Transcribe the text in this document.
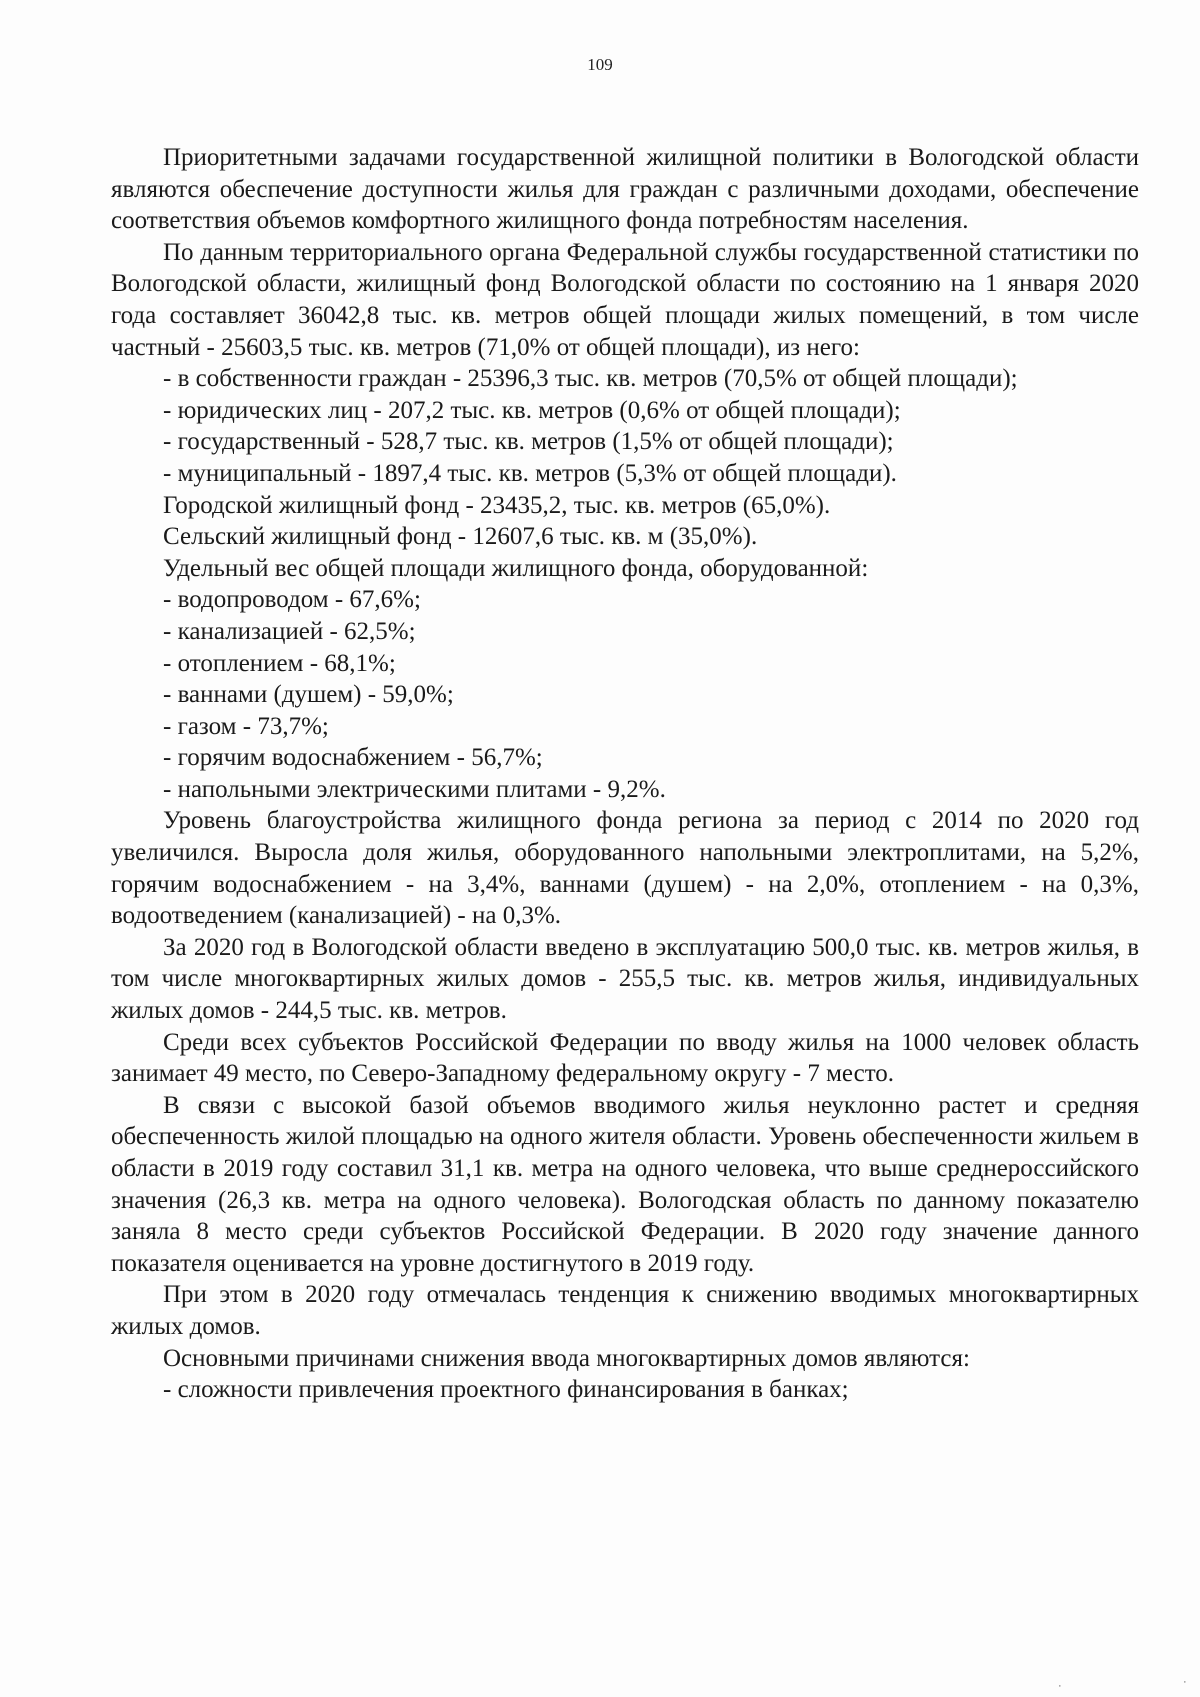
109

Приоритетными задачами государственной жилищной политики в Вологодской области являются обеспечение доступности жилья для граждан с различными доходами, обеспечение соответствия объемов комфортного жилищного фонда потребностям населения.

По данным территориального органа Федеральной службы государственной статистики по Вологодской области, жилищный фонд Вологодской области по состоянию на 1 января 2020 года составляет 36042,8 тыс. кв. метров общей площади жилых помещений, в том числе частный - 25603,5 тыс. кв. метров (71,0% от общей площади), из него:

- в собственности граждан - 25396,3 тыс. кв. метров (70,5% от общей площади);
- юридических лиц - 207,2 тыс. кв. метров (0,6% от общей площади);
- государственный - 528,7 тыс. кв. метров (1,5% от общей площади);
- муниципальный - 1897,4 тыс. кв. метров (5,3% от общей площади).
Городской жилищный фонд - 23435,2, тыс. кв. метров (65,0%).
Сельский жилищный фонд - 12607,6 тыс. кв. м (35,0%).
Удельный вес общей площади жилищного фонда, оборудованной:
- водопроводом - 67,6%;
- канализацией - 62,5%;
- отоплением - 68,1%;
- ваннами (душем) - 59,0%;
- газом - 73,7%;
- горячим водоснабжением - 56,7%;
- напольными электрическими плитами - 9,2%.

Уровень благоустройства жилищного фонда региона за период с 2014 по 2020 год увеличился. Выросла доля жилья, оборудованного напольными электроплитами, на 5,2%, горячим водоснабжением - на 3,4%, ваннами (душем) - на 2,0%, отоплением - на 0,3%, водоотведением (канализацией) - на 0,3%.

За 2020 год в Вологодской области введено в эксплуатацию 500,0 тыс. кв. метров жилья, в том числе многоквартирных жилых домов - 255,5 тыс. кв. метров жилья, индивидуальных жилых домов - 244,5 тыс. кв. метров.

Среди всех субъектов Российской Федерации по вводу жилья на 1000 человек область занимает 49 место, по Северо-Западному федеральному округу - 7 место.

В связи с высокой базой объемов вводимого жилья неуклонно растет и средняя обеспеченность жилой площадью на одного жителя области. Уровень обеспеченности жильем в области в 2019 году составил 31,1 кв. метра на одного человека, что выше среднероссийского значения (26,3 кв. метра на одного человека). Вологодская область по данному показателю заняла 8 место среди субъектов Российской Федерации. В 2020 году значение данного показателя оценивается на уровне достигнутого в 2019 году.

При этом в 2020 году отмечалась тенденция к снижению вводимых многоквартирных жилых домов.

Основными причинами снижения ввода многоквартирных домов являются:
- сложности привлечения проектного финансирования в банках;
·	·
